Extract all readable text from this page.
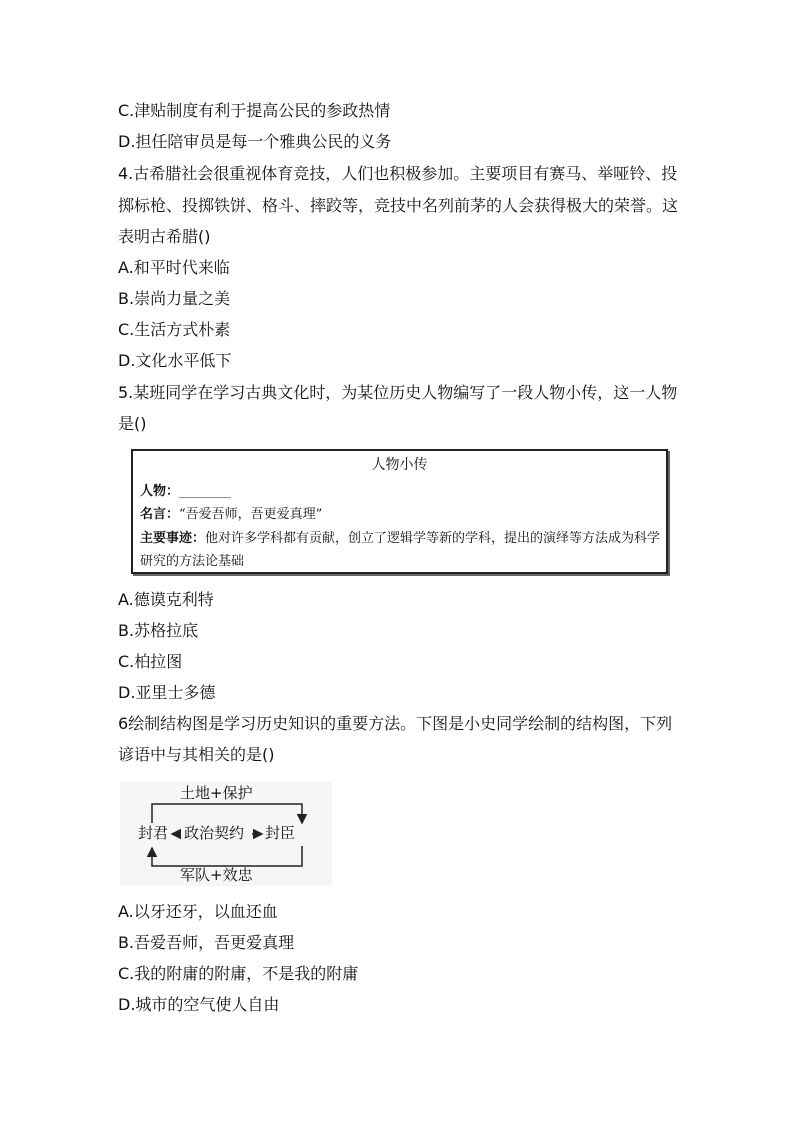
C.津贴制度有利于提高公民的参政热情
D.担任陪审员是每一个雅典公民的义务
4.古希腊社会很重视体育竞技，人们也积极参加。主要项目有赛马、举哑铃、投
掷标枪、投掷铁饼、格斗、摔跤等，竞技中名列前茅的人会获得极大的荣誉。这
表明古希腊()
A.和平时代来临
B.崇尚力量之美
C.生活方式朴素
D.文化水平低下
5.某班同学在学习古典文化时，为某位历史人物编写了一段人物小传，这一人物
是()
人物小传
人物：________
名言：“吾爱吾师，吾更爱真理”
主要事迹：他对许多学科都有贡献，创立了逻辑学等新的学科，提出的演绎等方法成为科学
研究的方法论基础
A.德谟克利特
B.苏格拉底
C.柏拉图
D.亚里士多德
6绘制结构图是学习历史知识的重要方法。下图是小史同学绘制的结构图，下列
谚语中与其相关的是()
土地+保护
封君 政治契约 封臣
军队+效忠
A.以牙还牙，以血还血
B.吾爱吾师，吾更爱真理
C.我的附庸的附庸，不是我的附庸
D.城市的空气使人自由
